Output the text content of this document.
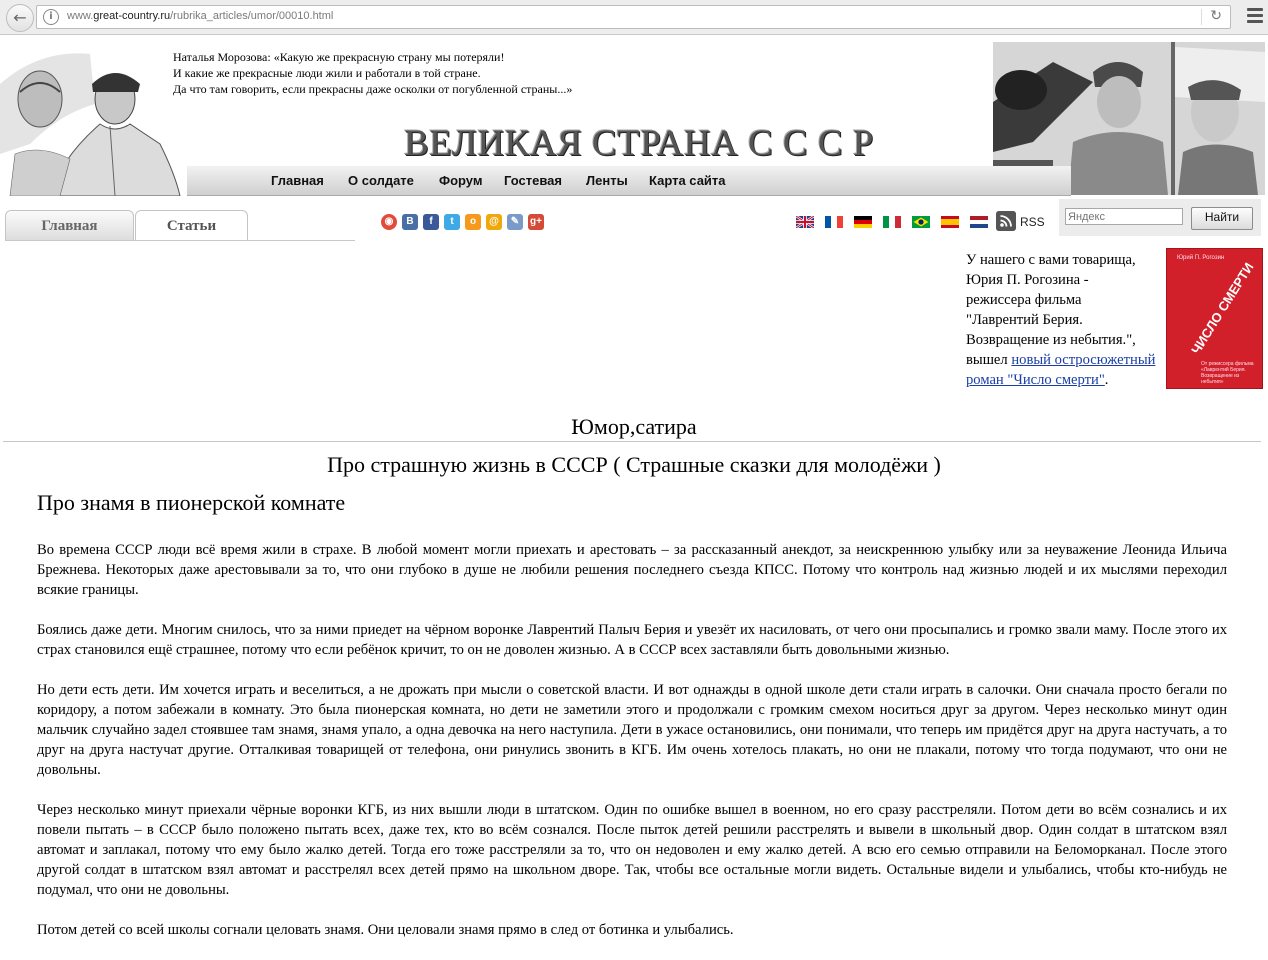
←	i	www.great-country.ru/rubrika_articles/umor/00010.html	↻
Наталья Морозова: «Какую же прекрасную страну мы потеряли!
И какие же прекрасные люди жили и работали в той стране.
Да что там говорить, если прекрасны даже осколки от погубленной страны...»
ВЕЛИКАЯ СТРАНА С С С Р
Главная О солдате Форум Гостевая Ленты Карта сайта
Главная	Статьи	◉	B	f	t	o	@	✎	g+	RSS
Яндекс	Найти
У нашего с вами товарища, Юрия П. Рогозина - режиссера фильма "Лаврентий Берия. Возвращение из небытия.", вышел новый остросюжетный роман "Число смерти".
Юрий П. Рогозин
ЧИСЛО СМЕРТИ
От режиссера фильма «Лаврентий Берия. Возвращение из небытия»
Юмор,сатира
Про страшную жизнь в СССР ( Страшные сказки для молодёжи )
Про знамя в пионерской комнате

Во времена СССР люди всё время жили в страхе. В любой момент могли приехать и арестовать – за рассказанный анекдот, за неискреннюю улыбку или за неуважение Леонида Ильича Брежнева. Некоторых даже арестовывали за то, что они глубоко в душе не любили решения последнего съезда КПСС. Потому что контроль над жизнью людей и их мыслями переходил всякие границы.

Боялись даже дети. Многим снилось, что за ними приедет на чёрном воронке Лаврентий Палыч Берия и увезёт их насиловать, от чего они просыпались и громко звали маму. После этого их страх становился ещё страшнее, потому что если ребёнок кричит, то он не доволен жизнью. А в СССР всех заставляли быть довольными жизнью.

Но дети есть дети. Им хочется играть и веселиться, а не дрожать при мысли о советской власти. И вот однажды в одной школе дети стали играть в салочки. Они сначала просто бегали по коридору, а потом забежали в комнату. Это была пионерская комната, но дети не заметили этого и продолжали с громким смехом носиться друг за другом. Через несколько минут один мальчик случайно задел стоявшее там знамя, знамя упало, а одна девочка на него наступила. Дети в ужасе остановились, они понимали, что теперь им придётся друг на друга настучать, а то друг на друга настучат другие. Отталкивая товарищей от телефона, они ринулись звонить в КГБ. Им очень хотелось плакать, но они не плакали, потому что тогда подумают, что они не довольны.

Через несколько минут приехали чёрные воронки КГБ, из них вышли люди в штатском. Один по ошибке вышел в военном, но его сразу расстреляли. Потом дети во всём сознались и их повели пытать – в СССР было положено пытать всех, даже тех, кто во всём сознался. После пыток детей решили расстрелять и вывели в школьный двор. Один солдат в штатском взял автомат и заплакал, потому что ему было жалко детей. Тогда его тоже расстреляли за то, что он недоволен и ему жалко детей. А всю его семью отправили на Беломорканал. После этого другой солдат в штатском взял автомат и расстрелял всех детей прямо на школьном дворе. Так, чтобы все остальные могли видеть. Остальные видели и улыбались, чтобы кто-нибудь не подумал, что они не довольны.

Потом детей со всей школы согнали целовать знамя. Они целовали знамя прямо в след от ботинка и улыбались.
